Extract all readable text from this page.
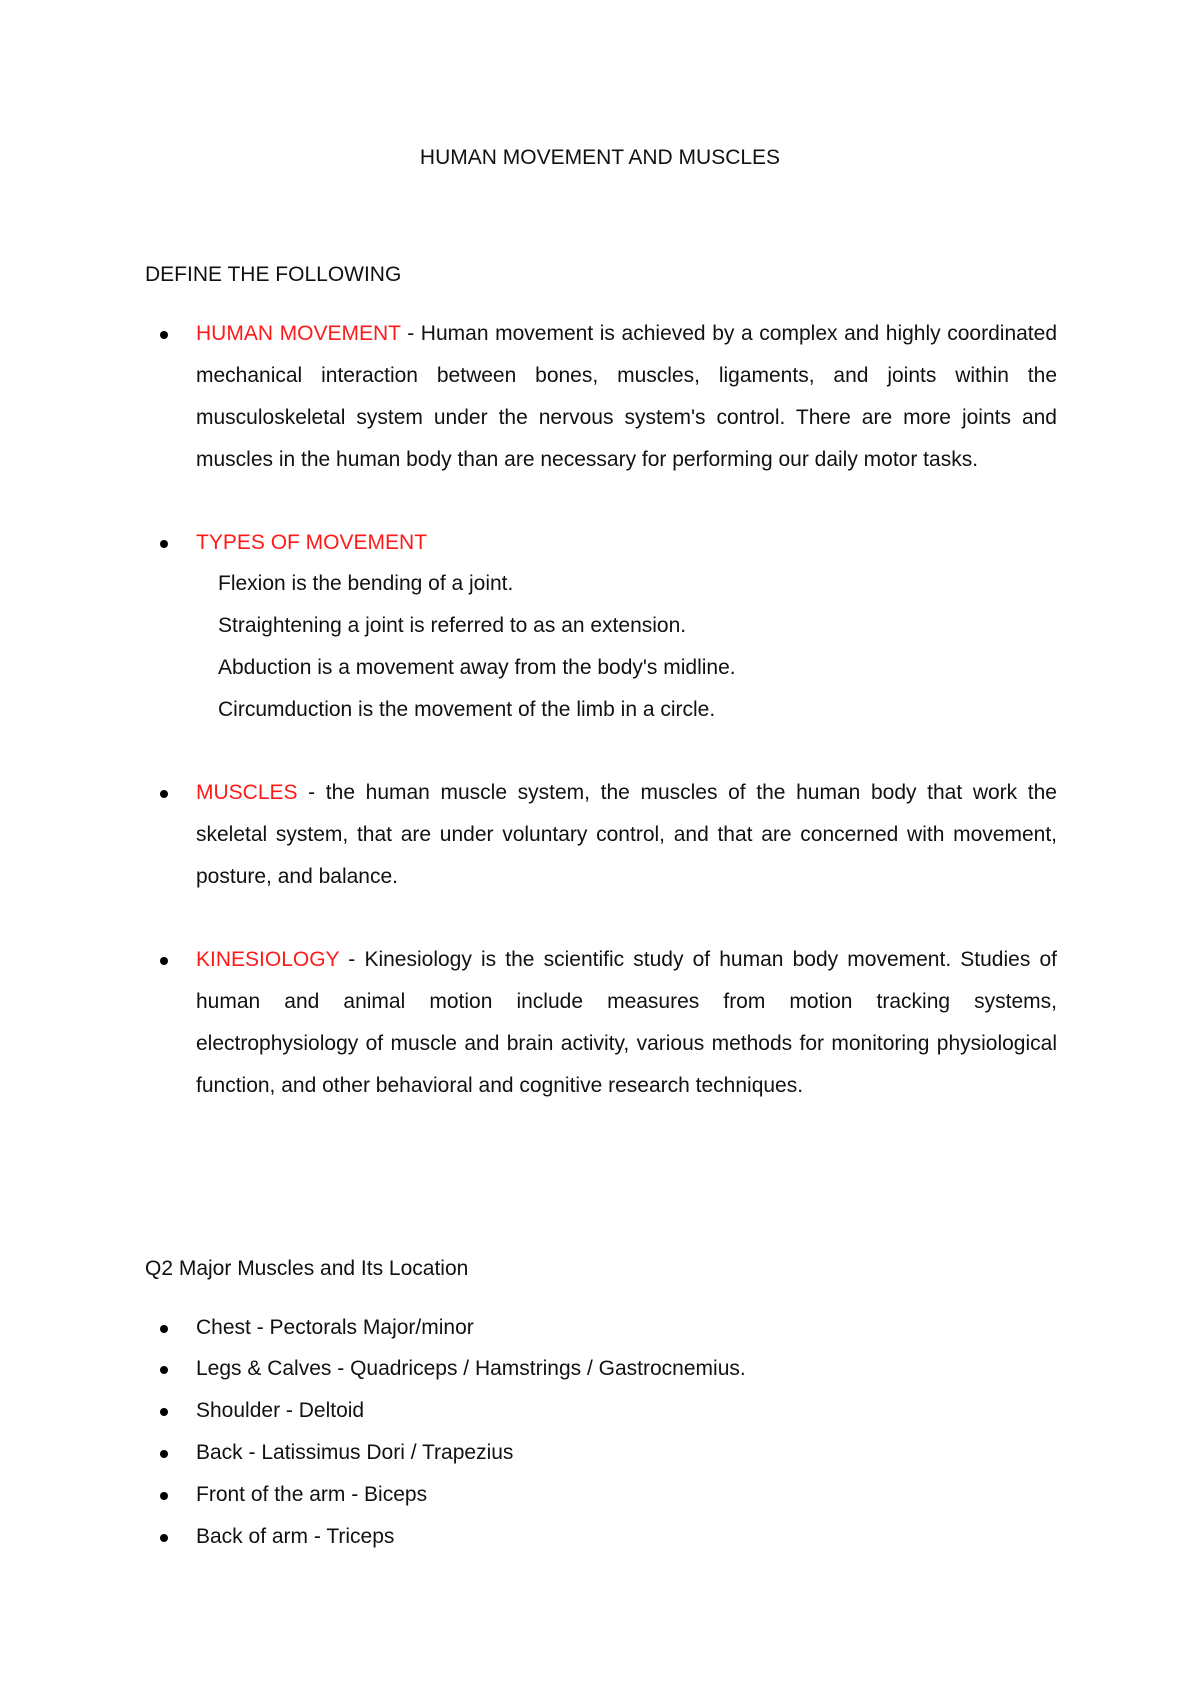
HUMAN MOVEMENT AND MUSCLES
DEFINE THE FOLLOWING
HUMAN MOVEMENT - Human movement is achieved by a complex and highly coordinated mechanical interaction between bones, muscles, ligaments, and joints within the musculoskeletal system under the nervous system's control. There are more joints and muscles in the human body than are necessary for performing our daily motor tasks.
TYPES OF MOVEMENT
Flexion is the bending of a joint.
Straightening a joint is referred to as an extension.
Abduction is a movement away from the body's midline.
Circumduction is the movement of the limb in a circle.
MUSCLES - the human muscle system, the muscles of the human body that work the skeletal system, that are under voluntary control, and that are concerned with movement, posture, and balance.
KINESIOLOGY - Kinesiology is the scientific study of human body movement. Studies of human and animal motion include measures from motion tracking systems, electrophysiology of muscle and brain activity, various methods for monitoring physiological function, and other behavioral and cognitive research techniques.
Q2 Major Muscles and Its Location
Chest - Pectorals Major/minor
Legs & Calves - Quadriceps / Hamstrings / Gastrocnemius.
Shoulder - Deltoid
Back - Latissimus Dori / Trapezius
Front of the arm - Biceps
Back of arm - Triceps
